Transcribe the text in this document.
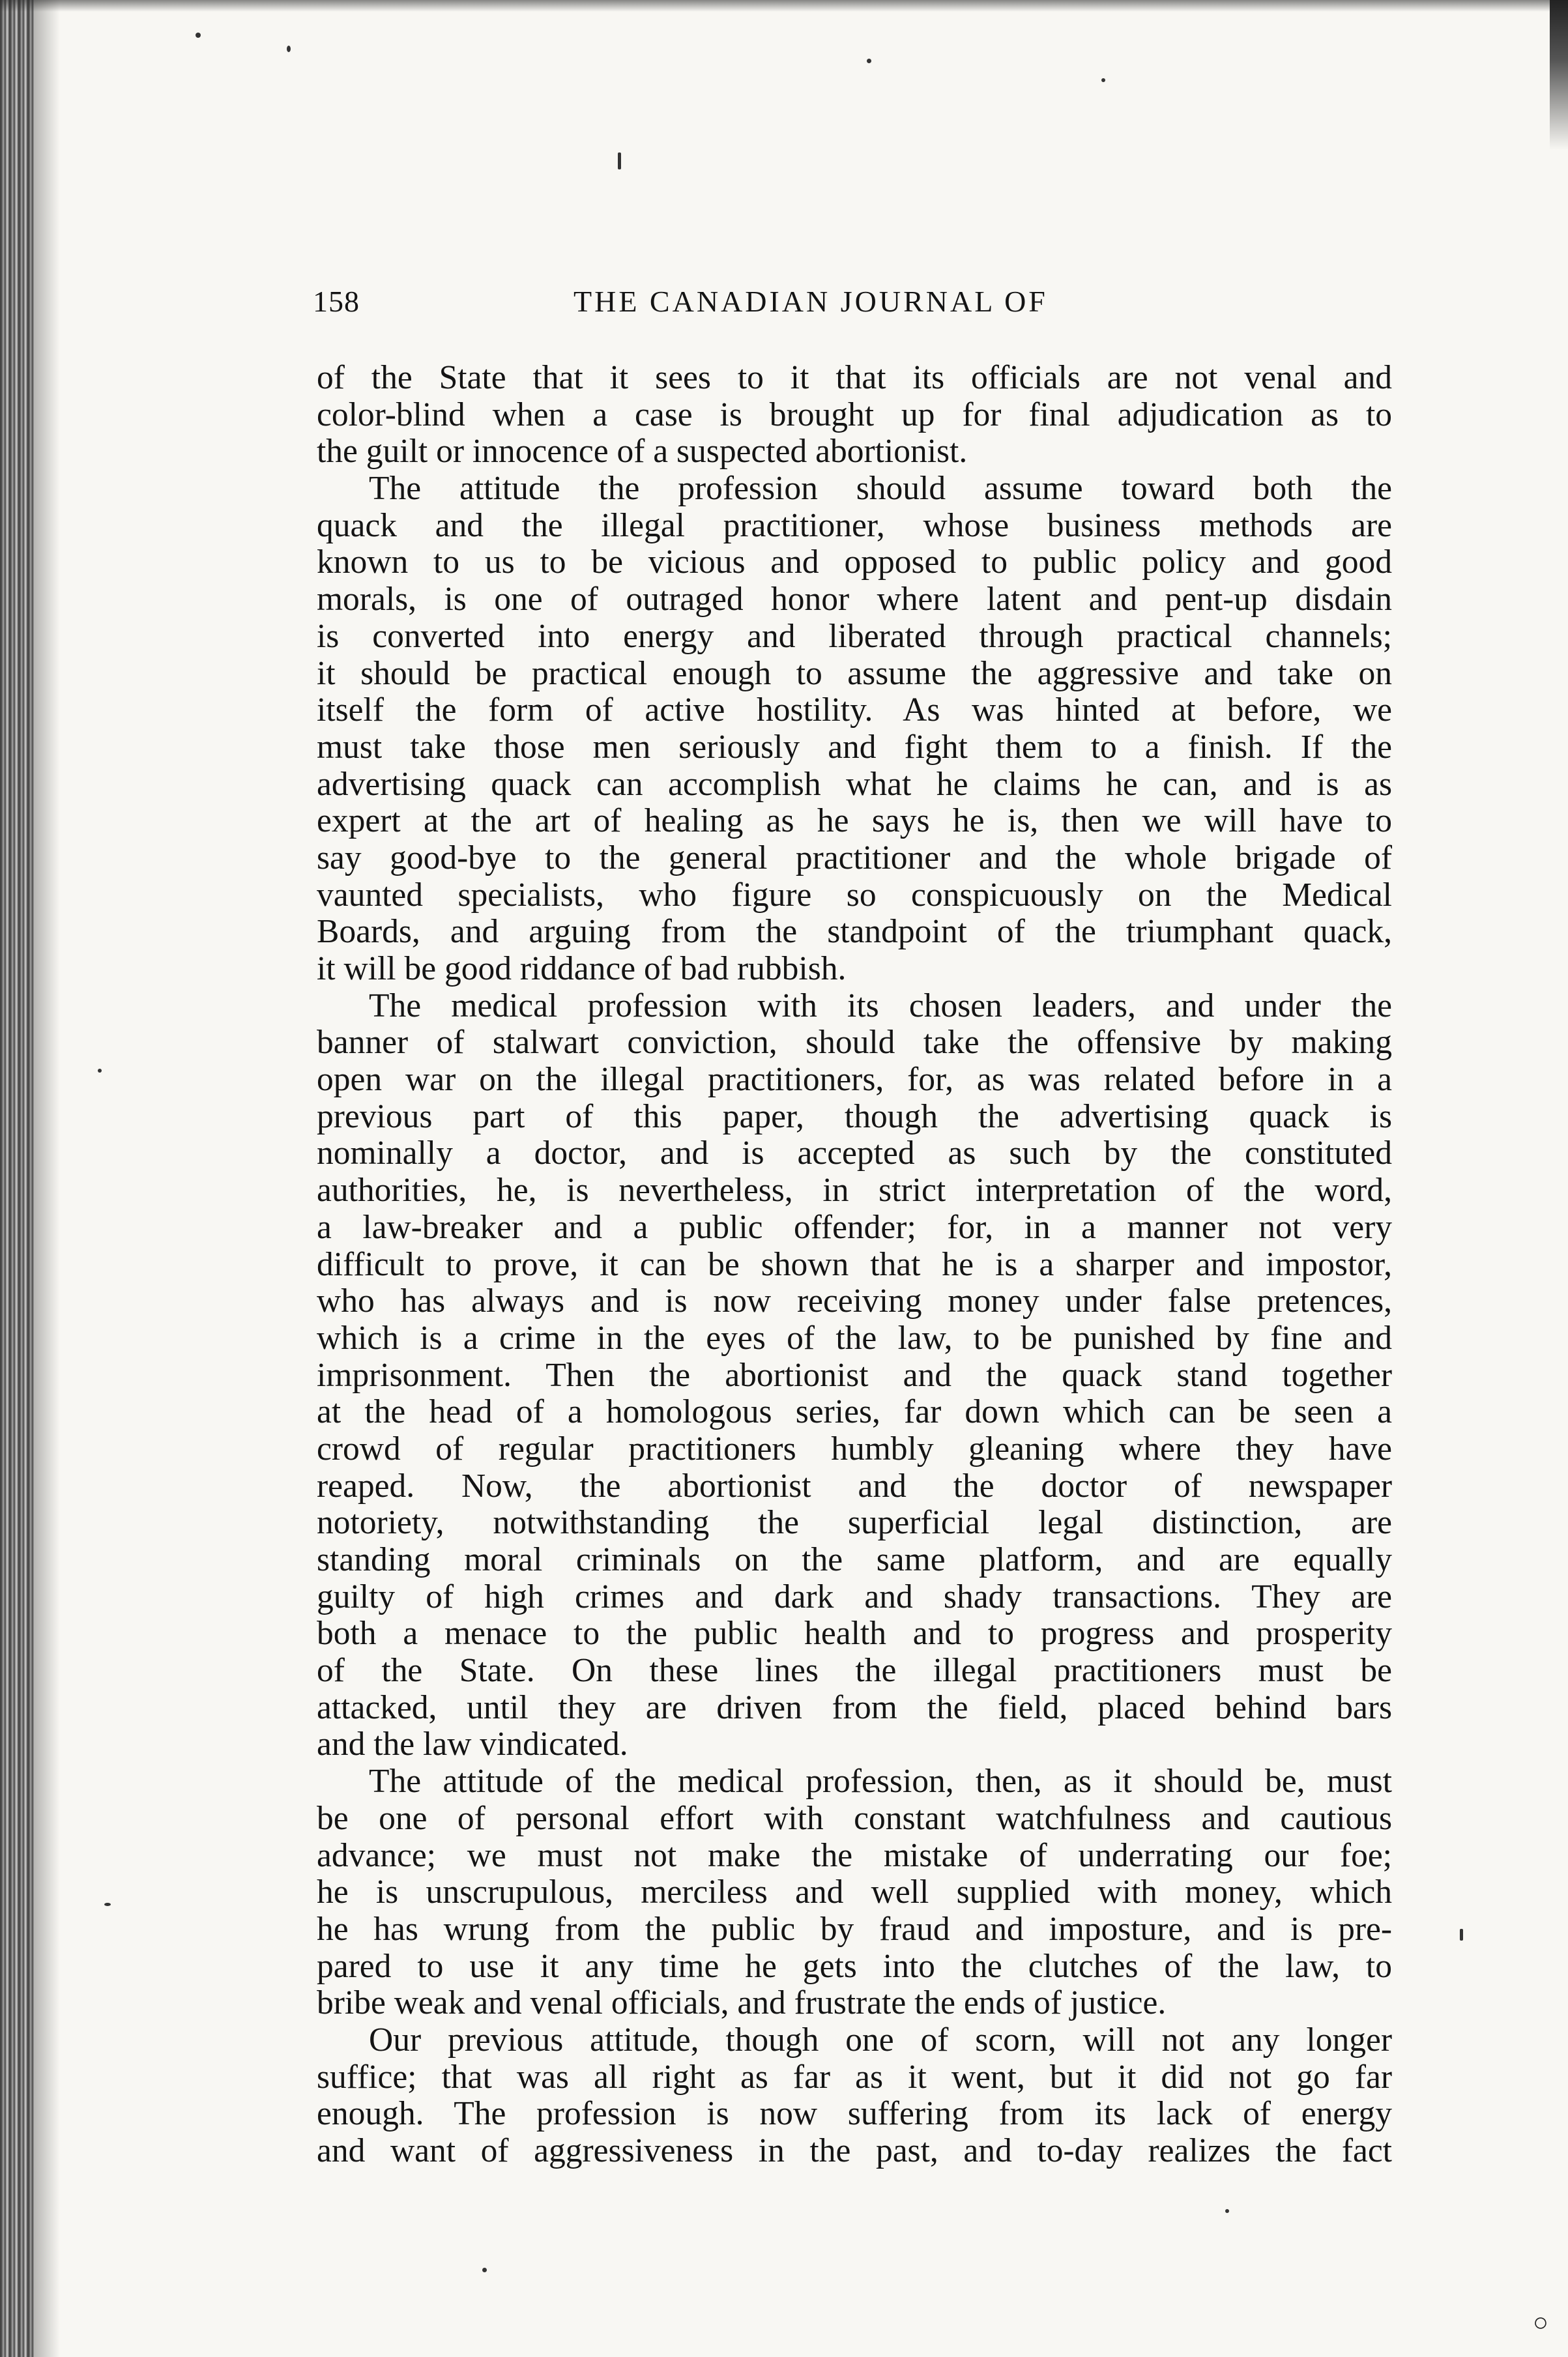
158	THE CANADIAN JOURNAL OF
of the State that it sees to it that its officials are not venal and
color-blind when a case is brought up for final adjudication as to
the guilt or innocence of a suspected abortionist.
The attitude the profession should assume toward both the
quack and the illegal practitioner, whose business methods are
known to us to be vicious and opposed to public policy and good
morals, is one of outraged honor where latent and pent-up disdain
is converted into energy and liberated through practical channels;
it should be practical enough to assume the aggressive and take on
itself the form of active hostility. As was hinted at before, we
must take those men seriously and fight them to a finish. If the
advertising quack can accomplish what he claims he can, and is as
expert at the art of healing as he says he is, then we will have to
say good-bye to the general practitioner and the whole brigade of
vaunted specialists, who figure so conspicuously on the Medical
Boards, and arguing from the standpoint of the triumphant quack,
it will be good riddance of bad rubbish.
The medical profession with its chosen leaders, and under the
banner of stalwart conviction, should take the offensive by making
open war on the illegal practitioners, for, as was related before in a
previous part of this paper, though the advertising quack is
nominally a doctor, and is accepted as such by the constituted
authorities, he, is nevertheless, in strict interpretation of the word,
a law-breaker and a public offender; for, in a manner not very
difficult to prove, it can be shown that he is a sharper and impostor,
who has always and is now receiving money under false pretences,
which is a crime in the eyes of the law, to be punished by fine and
imprisonment. Then the abortionist and the quack stand together
at the head of a homologous series, far down which can be seen a
crowd of regular practitioners humbly gleaning where they have
reaped. Now, the abortionist and the doctor of newspaper
notoriety, notwithstanding the superficial legal distinction, are
standing moral criminals on the same platform, and are equally
guilty of high crimes and dark and shady transactions. They are
both a menace to the public health and to progress and prosperity
of the State. On these lines the illegal practitioners must be
attacked, until they are driven from the field, placed behind bars
and the law vindicated.
The attitude of the medical profession, then, as it should be, must
be one of personal effort with constant watchfulness and cautious
advance; we must not make the mistake of underrating our foe;
he is unscrupulous, merciless and well supplied with money, which
he has wrung from the public by fraud and imposture, and is pre-
pared to use it any time he gets into the clutches of the law, to
bribe weak and venal officials, and frustrate the ends of justice.
Our previous attitude, though one of scorn, will not any longer
suffice; that was all right as far as it went, but it did not go far
enough. The profession is now suffering from its lack of energy
and want of aggressiveness in the past, and to-day realizes the fact
○
